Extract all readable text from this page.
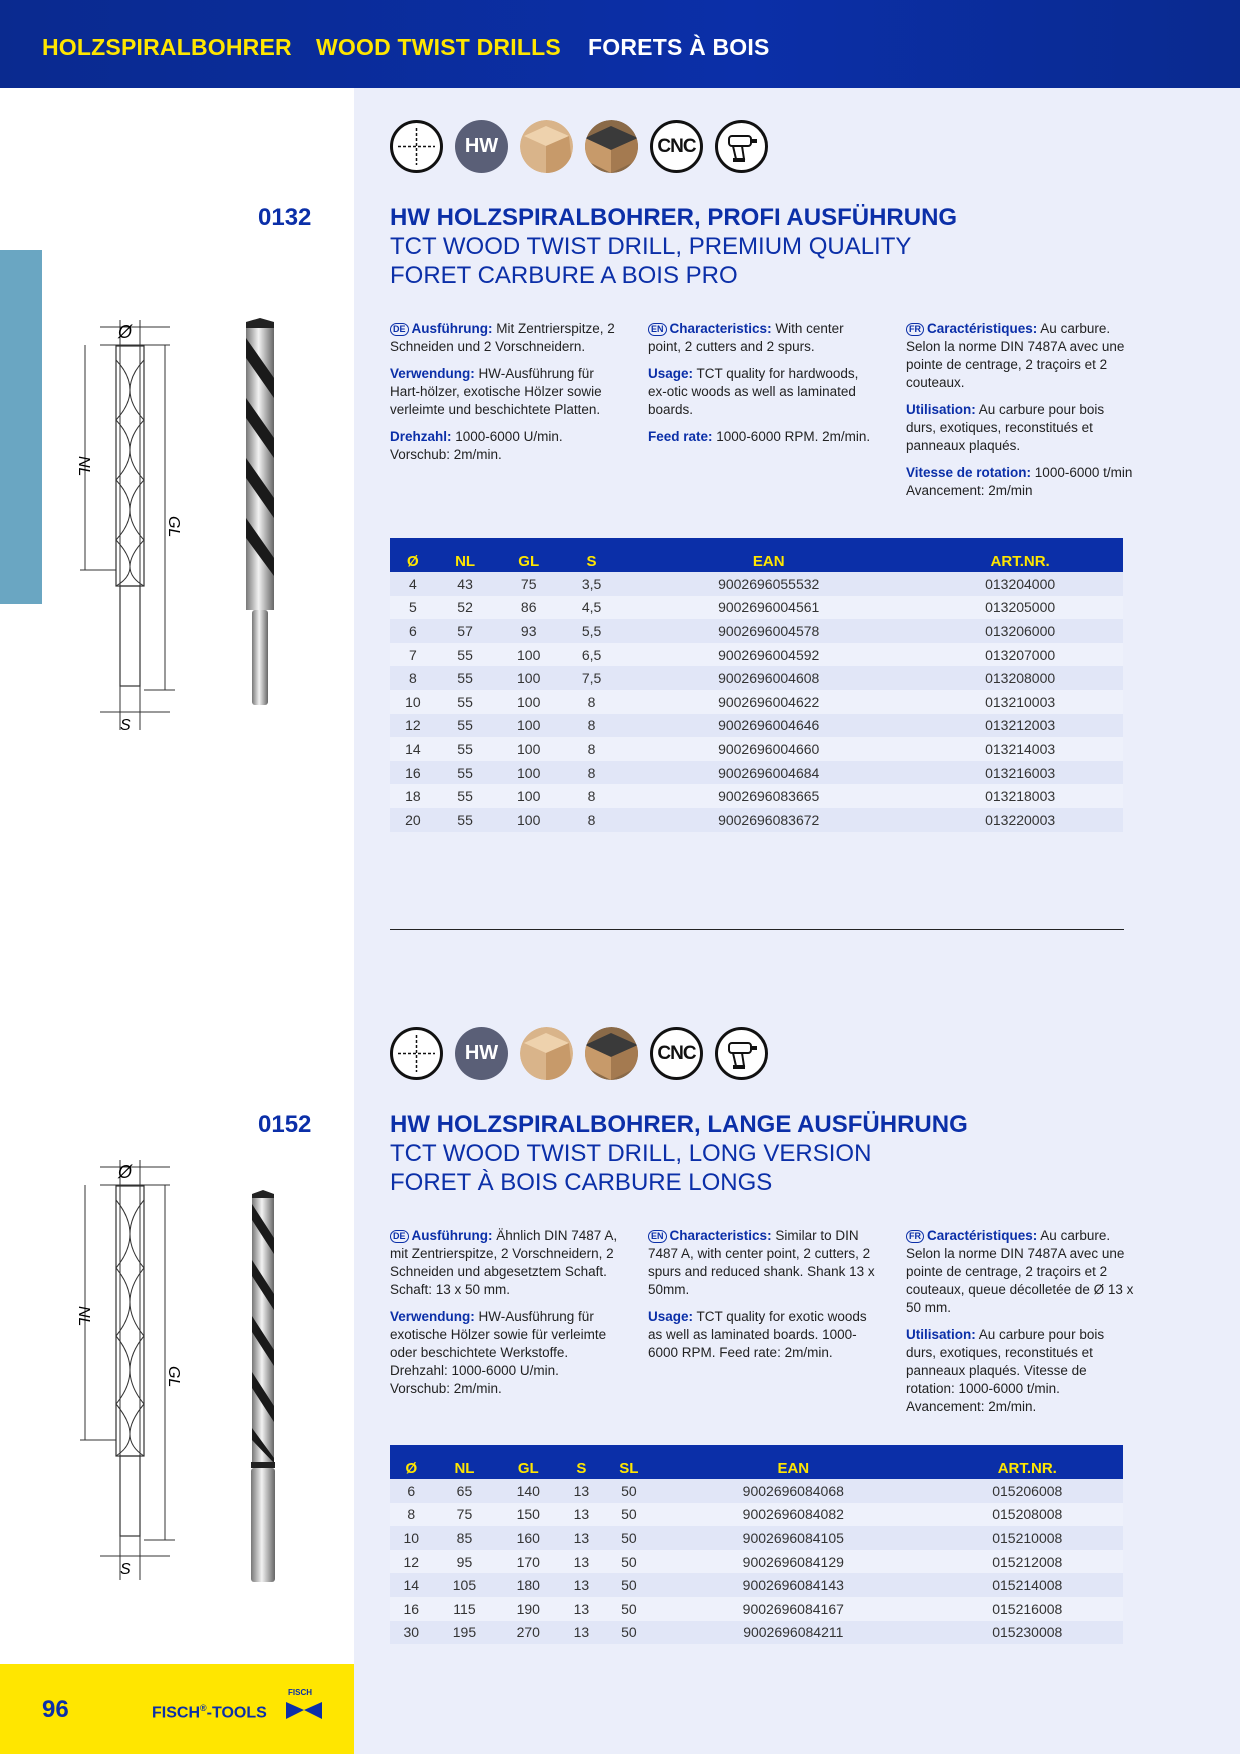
HOLZSPIRALBOHRER WOOD TWIST DRILLS FORETS À BOIS
HW	CNC
0132	HW HOLZSPIRALBOHRER, PROFI AUSFÜHRUNG
TCT WOOD TWIST DRILL, PREMIUM QUALITY
FORET CARBURE A BOIS PRO
Ø
NL
GL
S

DE Ausführung: Mit Zentrierspitze, 2 Schneiden und 2 Vorschneidern.

Verwendung: HW-Ausführung für Hart-hölzer, exotische Hölzer sowie verleimte und beschichtete Platten.

Drehzahl: 1000-6000 U/min. Vorschub: 2m/min.

EN Characteristics: With center point, 2 cutters and 2 spurs.

Usage: TCT quality for hardwoods, ex-otic woods as well as laminated boards.

Feed rate: 1000-6000 RPM. 2m/min.

FR Caractéristiques: Au carbure. Selon la norme DIN 7487A avec une pointe de centrage, 2 traçoirs et 2 couteaux.

Utilisation: Au carbure pour bois durs, exotiques, reconstitués et panneaux plaqués.

Vitesse de rotation: 1000-6000 t/min Avancement: 2m/min

Ø	NL	GL	S	EAN	ART.NR.
4	43	75	3,5	9002696055532	013204000
5	52	86	4,5	9002696004561	013205000
6	57	93	5,5	9002696004578	013206000
7	55	100	6,5	9002696004592	013207000
8	55	100	7,5	9002696004608	013208000
10	55	100	8	9002696004622	013210003
12	55	100	8	9002696004646	013212003
14	55	100	8	9002696004660	013214003
16	55	100	8	9002696004684	013216003
18	55	100	8	9002696083665	013218003
20	55	100	8	9002696083672	013220003
HW	CNC
0152	HW HOLZSPIRALBOHRER, LANGE AUSFÜHRUNG
TCT WOOD TWIST DRILL, LONG VERSION
FORET À BOIS CARBURE LONGS
Ø
NL
GL
S

DE Ausführung: Ähnlich DIN 7487 A, mit Zentrierspitze, 2 Vorschneidern, 2 Schneiden und abgesetztem Schaft. Schaft: 13 x 50 mm.

Verwendung: HW-Ausführung für exotische Hölzer sowie für verleimte oder beschichtete Werkstoffe. Drehzahl: 1000-6000 U/min. Vorschub: 2m/min.

EN Characteristics: Similar to DIN 7487 A, with center point, 2 cutters, 2 spurs and reduced shank. Shank 13 x 50mm.

Usage: TCT quality for exotic woods as well as laminated boards. 1000-6000 RPM. Feed rate: 2m/min.

FR Caractéristiques: Au carbure. Selon la norme DIN 7487A avec une pointe de centrage, 2 traçoirs et 2 couteaux, queue décolletée de Ø 13 x 50 mm.

Utilisation: Au carbure pour bois durs, exotiques, reconstitués et panneaux plaqués. Vitesse de rotation: 1000-6000 t/min. Avancement: 2m/min.

Ø	NL	GL	S	SL	EAN	ART.NR.
6	65	140	13	50	9002696084068	015206008
8	75	150	13	50	9002696084082	015208008
10	85	160	13	50	9002696084105	015210008
12	95	170	13	50	9002696084129	015212008
14	105	180	13	50	9002696084143	015214008
16	115	190	13	50	9002696084167	015216008
30	195	270	13	50	9002696084211	015230008
96	FISCH®-TOOLS
FISCH
